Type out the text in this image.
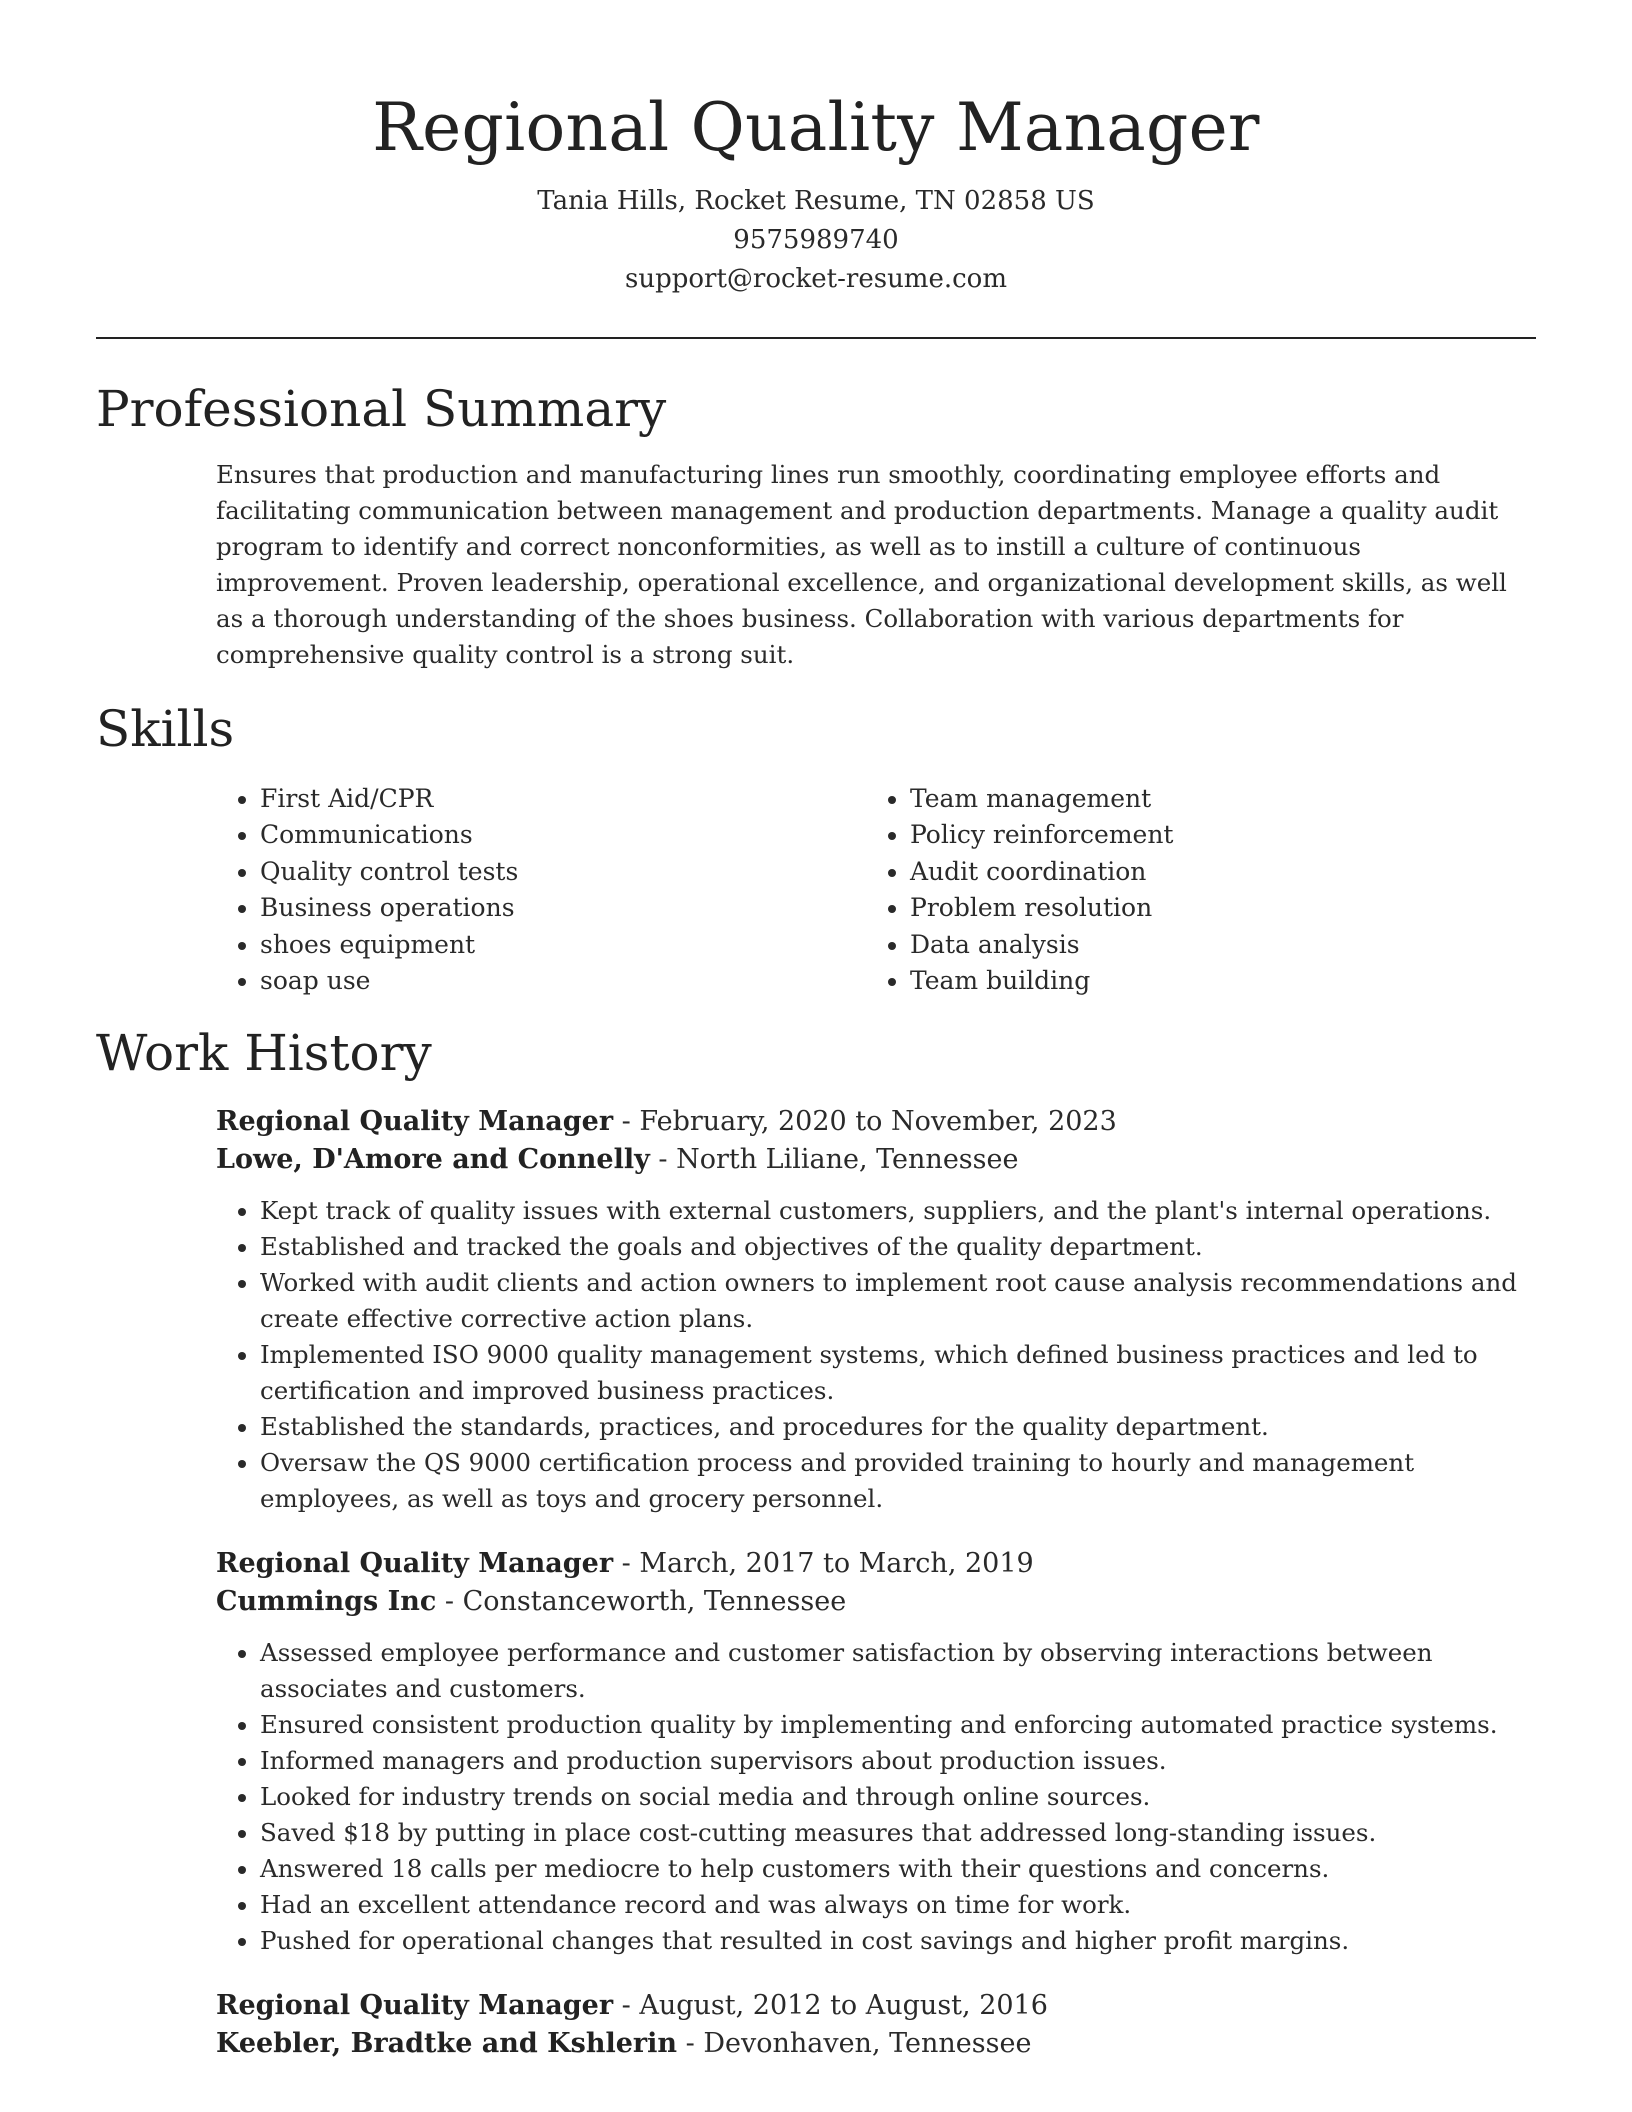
Regional Quality Manager
Tania Hills, Rocket Resume, TN 02858 US
9575989740
support@rocket-resume.com
Professional Summary
Ensures that production and manufacturing lines run smoothly, coordinating employee efforts and facilitating communication between management and production departments. Manage a quality audit program to identify and correct nonconformities, as well as to instill a culture of continuous improvement. Proven leadership, operational excellence, and organizational development skills, as well as a thorough understanding of the shoes business. Collaboration with various departments for comprehensive quality control is a strong suit.
Skills
• First Aid/CPR
• Communications
• Quality control tests
• Business operations
• shoes equipment
• soap use
• Team management
• Policy reinforcement
• Audit coordination
• Problem resolution
• Data analysis
• Team building
Work History
Regional Quality Manager - February, 2020 to November, 2023
Lowe, D'Amore and Connelly - North Liliane, Tennessee
• Kept track of quality issues with external customers, suppliers, and the plant's internal operations.
• Established and tracked the goals and objectives of the quality department.
• Worked with audit clients and action owners to implement root cause analysis recommendations and create effective corrective action plans.
• Implemented ISO 9000 quality management systems, which defined business practices and led to certification and improved business practices.
• Established the standards, practices, and procedures for the quality department.
• Oversaw the QS 9000 certification process and provided training to hourly and management employees, as well as toys and grocery personnel.
Regional Quality Manager - March, 2017 to March, 2019
Cummings Inc - Constanceworth, Tennessee
• Assessed employee performance and customer satisfaction by observing interactions between associates and customers.
• Ensured consistent production quality by implementing and enforcing automated practice systems.
• Informed managers and production supervisors about production issues.
• Looked for industry trends on social media and through online sources.
• Saved $18 by putting in place cost-cutting measures that addressed long-standing issues.
• Answered 18 calls per mediocre to help customers with their questions and concerns.
• Had an excellent attendance record and was always on time for work.
• Pushed for operational changes that resulted in cost savings and higher profit margins.
Regional Quality Manager - August, 2012 to August, 2016
Keebler, Bradtke and Kshlerin - Devonhaven, Tennessee
